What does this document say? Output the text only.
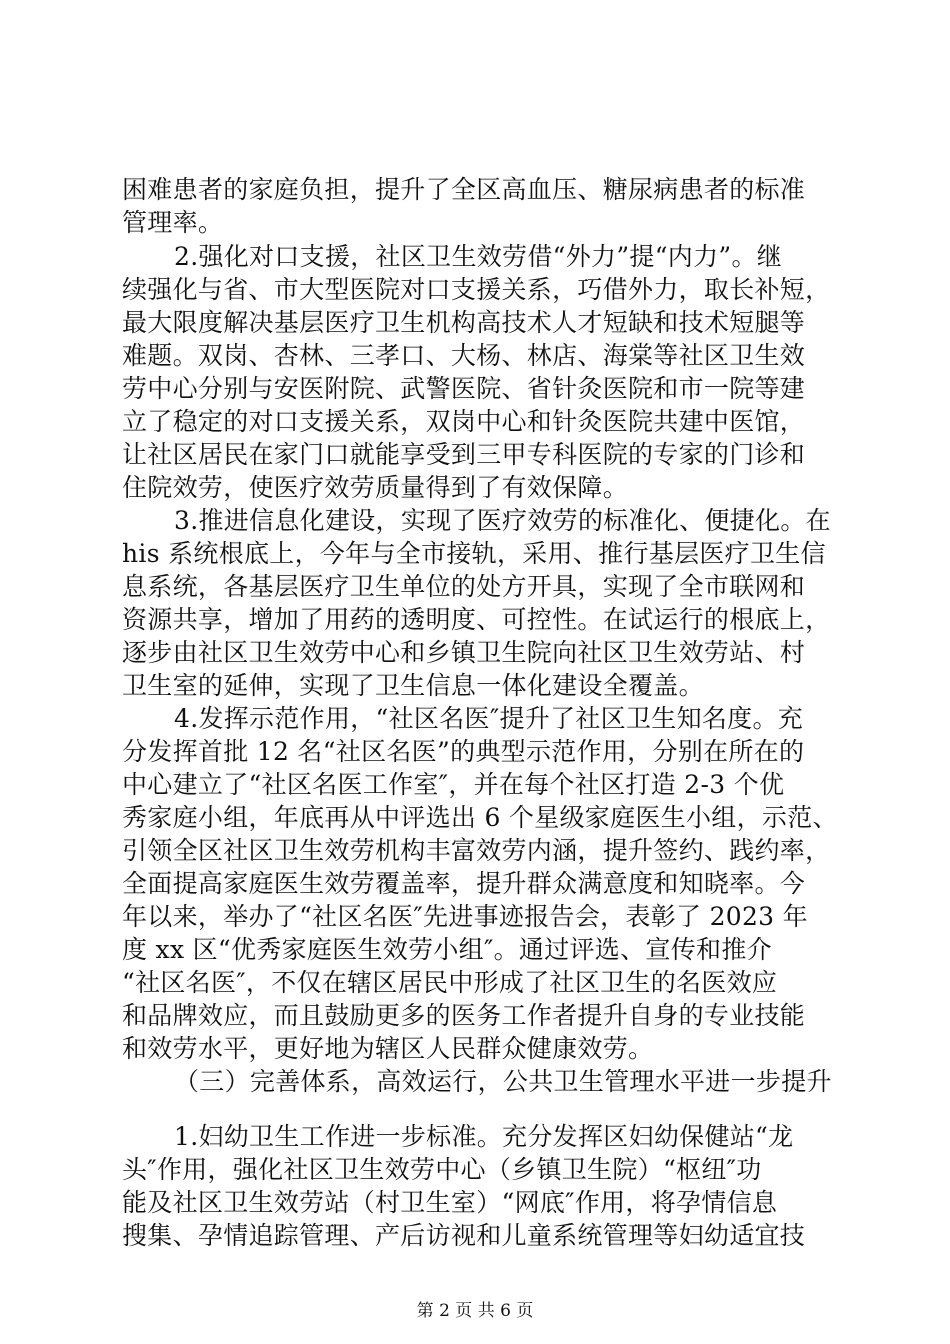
困难患者的家庭负担，提升了全区高血压、糖尿病患者的标准
管理率。
2.强化对口支援，社区卫生效劳借“外力”提“内力”。继
续强化与省、市大型医院对口支援关系，巧借外力，取长补短，
最大限度解决基层医疗卫生机构高技术人才短缺和技术短腿等
难题。双岗、杏林、三孝口、大杨、林店、海棠等社区卫生效
劳中心分别与安医附院、武警医院、省针灸医院和市一院等建
立了稳定的对口支援关系，双岗中心和针灸医院共建中医馆，
让社区居民在家门口就能享受到三甲专科医院的专家的门诊和
住院效劳，使医疗效劳质量得到了有效保障。
3.推进信息化建设，实现了医疗效劳的标准化、便捷化。在
his 系统根底上，今年与全市接轨，采用、推行基层医疗卫生信
息系统，各基层医疗卫生单位的处方开具，实现了全市联网和
资源共享，增加了用药的透明度、可控性。在试运行的根底上，
逐步由社区卫生效劳中心和乡镇卫生院向社区卫生效劳站、村
卫生室的延伸，实现了卫生信息一体化建设全覆盖。
4.发挥示范作用，“社区名医″提升了社区卫生知名度。充
分发挥首批 12 名“社区名医”的典型示范作用，分别在所在的
中心建立了“社区名医工作室″，并在每个社区打造 2-3 个优
秀家庭小组，年底再从中评选出 6 个星级家庭医生小组，示范、
引领全区社区卫生效劳机构丰富效劳内涵，提升签约、践约率，
全面提高家庭医生效劳覆盖率，提升群众满意度和知晓率。今
年以来，举办了“社区名医″先进事迹报告会，表彰了 2023 年
度 xx 区“优秀家庭医生效劳小组″。通过评选、宣传和推介
“社区名医″，不仅在辖区居民中形成了社区卫生的名医效应
和品牌效应，而且鼓励更多的医务工作者提升自身的专业技能
和效劳水平，更好地为辖区人民群众健康效劳。
（三）完善体系，高效运行，公共卫生管理水平进一步提升
1.妇幼卫生工作进一步标准。充分发挥区妇幼保健站“龙
头″作用，强化社区卫生效劳中心（乡镇卫生院）“枢纽″功
能及社区卫生效劳站（村卫生室）“网底″作用，将孕情信息
搜集、孕情追踪管理、产后访视和儿童系统管理等妇幼适宜技
第 2 页 共 6 页
